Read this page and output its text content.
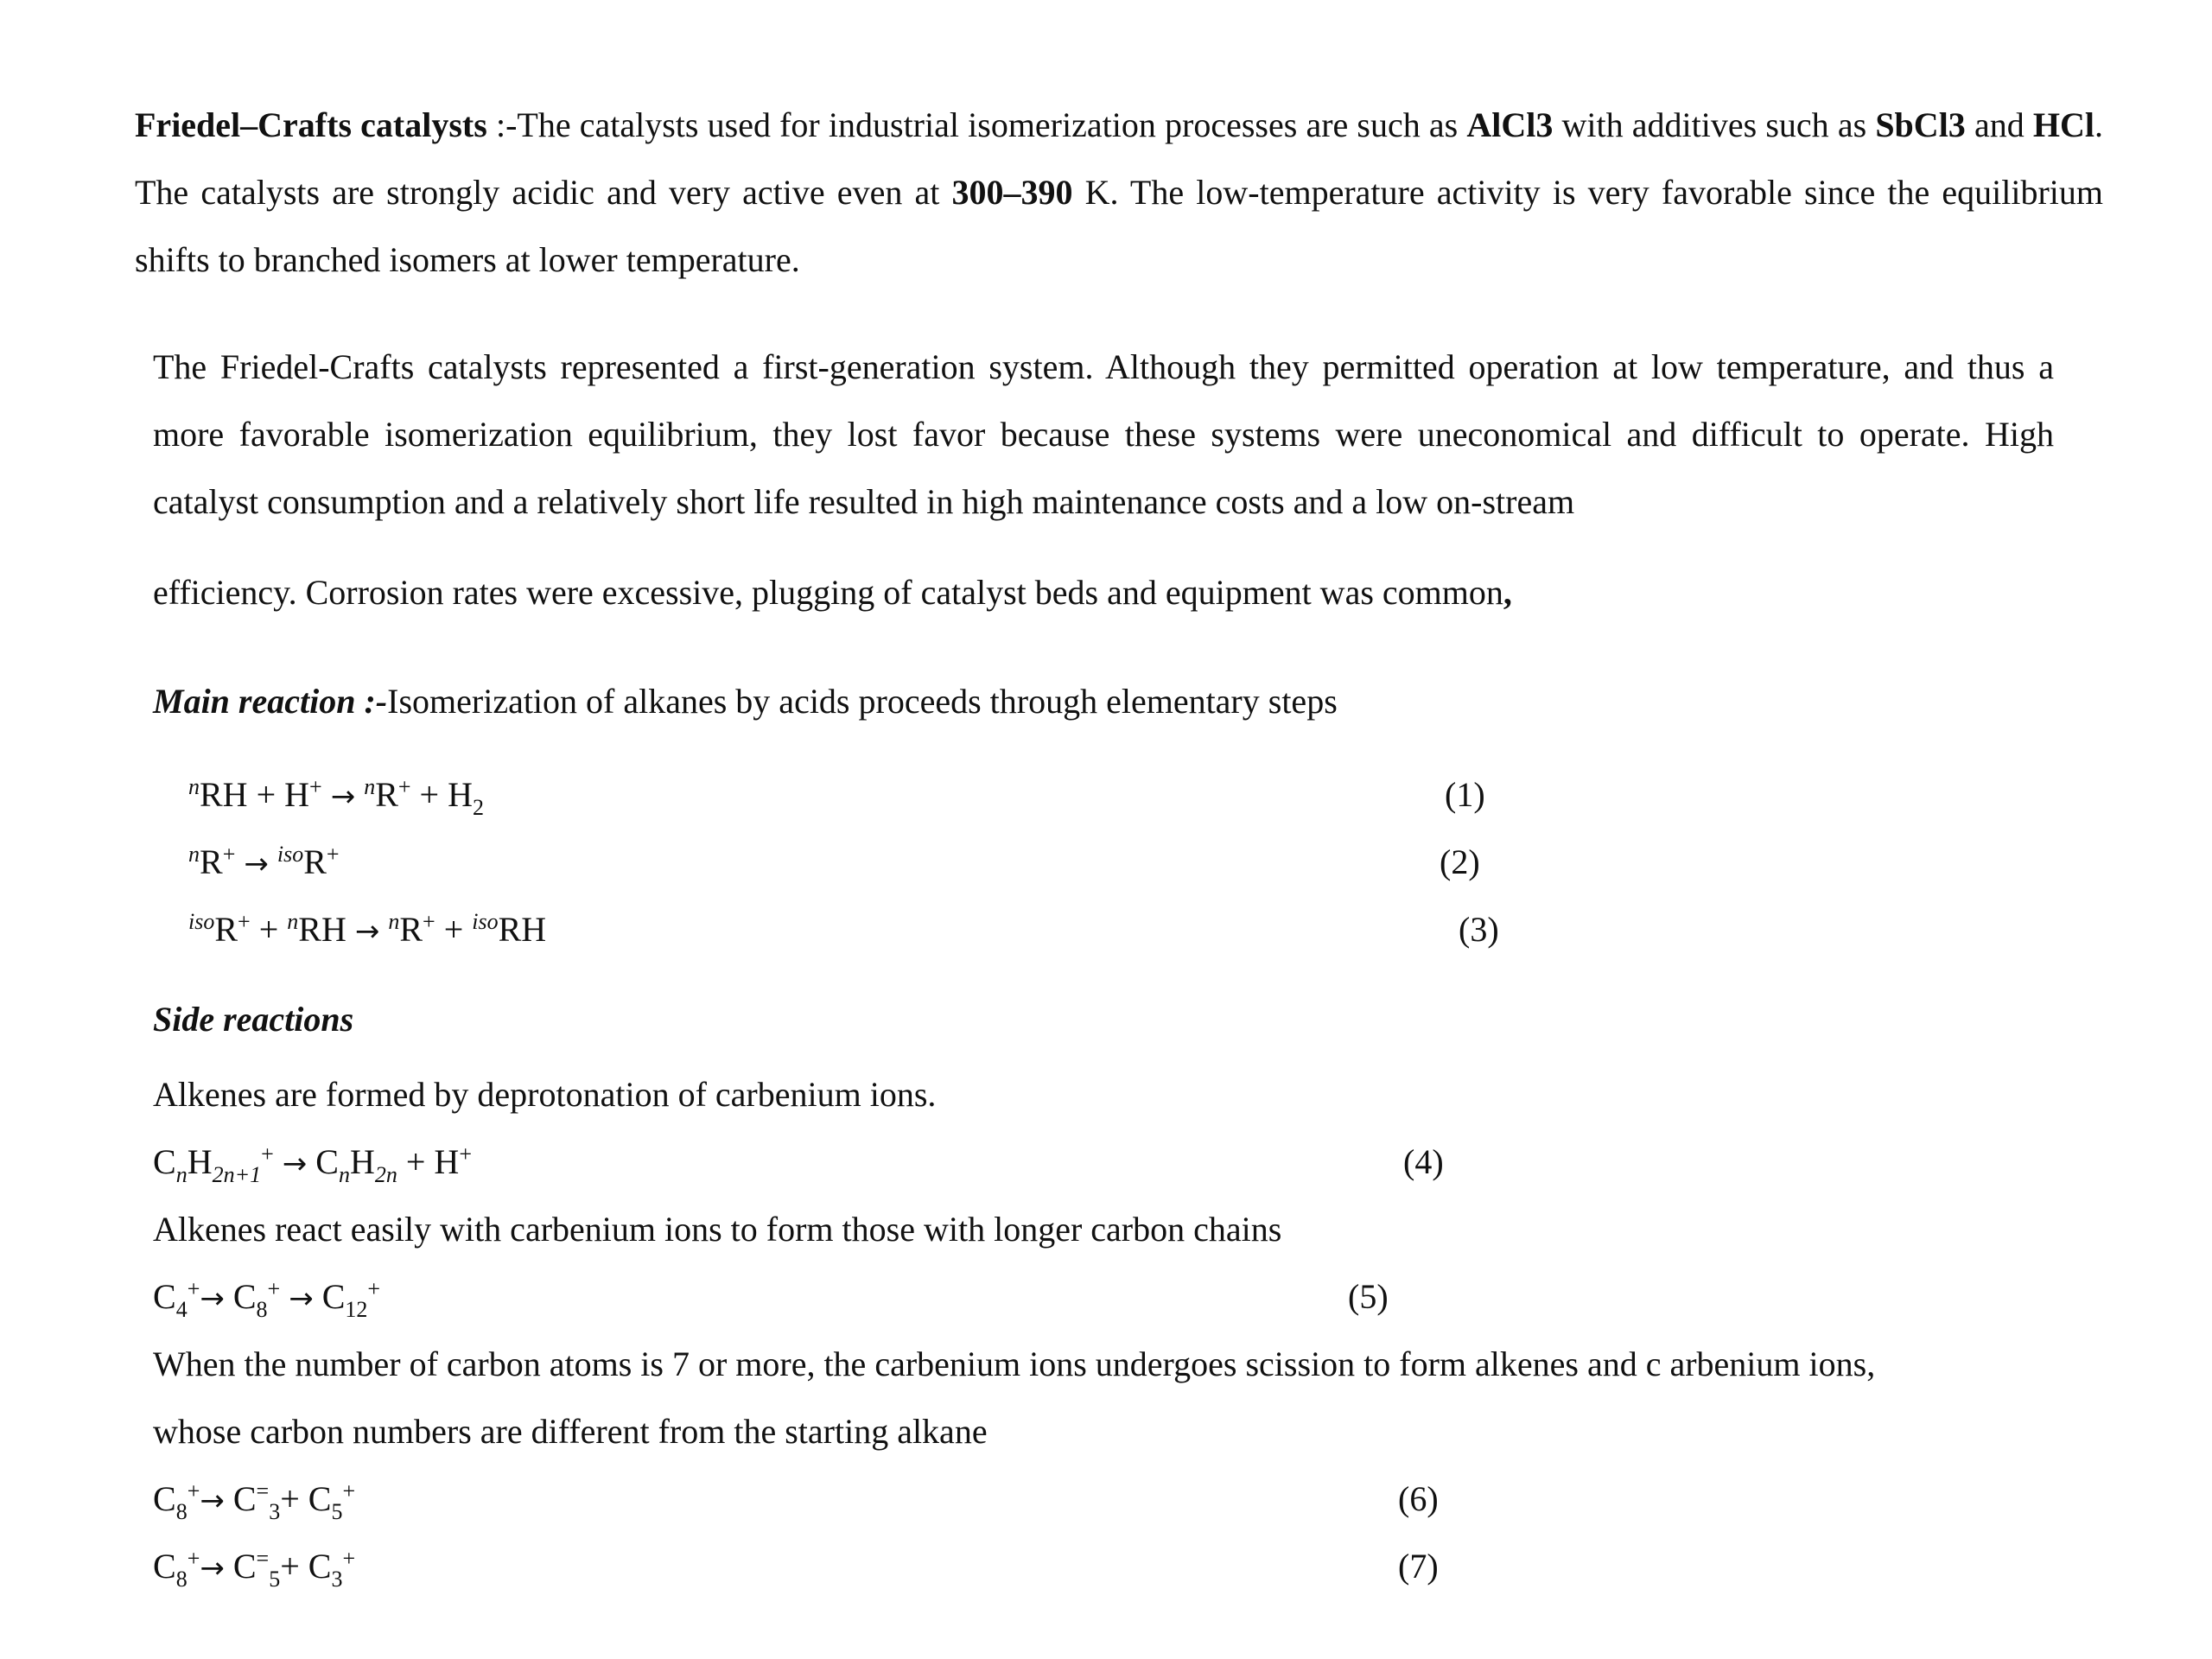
Friedel–Crafts catalysts :-The catalysts used for industrial isomerization processes are such as AlCl3 with additives such as SbCl3 and HCl. The catalysts are strongly acidic and very active even at 300–390 K. The low-temperature activity is very favorable since the equilibrium shifts to branched isomers at lower temperature.

The Friedel-Crafts catalysts represented a first-generation system. Although they permitted operation at low temperature, and thus a more favorable isomerization equilibrium, they lost favor because these systems were uneconomical and difficult to operate. High catalyst consumption and a relatively short life resulted in high maintenance costs and a low on-stream

efficiency. Corrosion rates were excessive, plugging of catalyst beds and equipment was common,

Main reaction :-Isomerization of alkanes by acids proceeds through elementary steps

$^nRH + H^+ \to ^nR^+ + H_2$	(1)
$^n$R+ → $^{iso}$R+	(2)
$^{iso}$R+ + $^n$RH → $^n$R+ + $^{iso}$RH	(3)

Side reactions

Alkenes are formed by deprotonation of carbenium ions.

$C_nH_{2n+1}^+ \to C_nH_{2n} + H^+$	(4)

Alkenes react easily with carbenium ions to form those with longer carbon chains

$C_4^+\to C_8^+ \to C_{12}^+$	(5)

When the number of carbon atoms is 7 or more, the carbenium ions undergoes scission to form alkenes and c arbenium ions,

whose carbon numbers are different from the starting alkane

$C_8^+\to C^=_3+ C_5^+$	(6)
$C_8^+\to C^=_5+ C_3^+$	(7)
